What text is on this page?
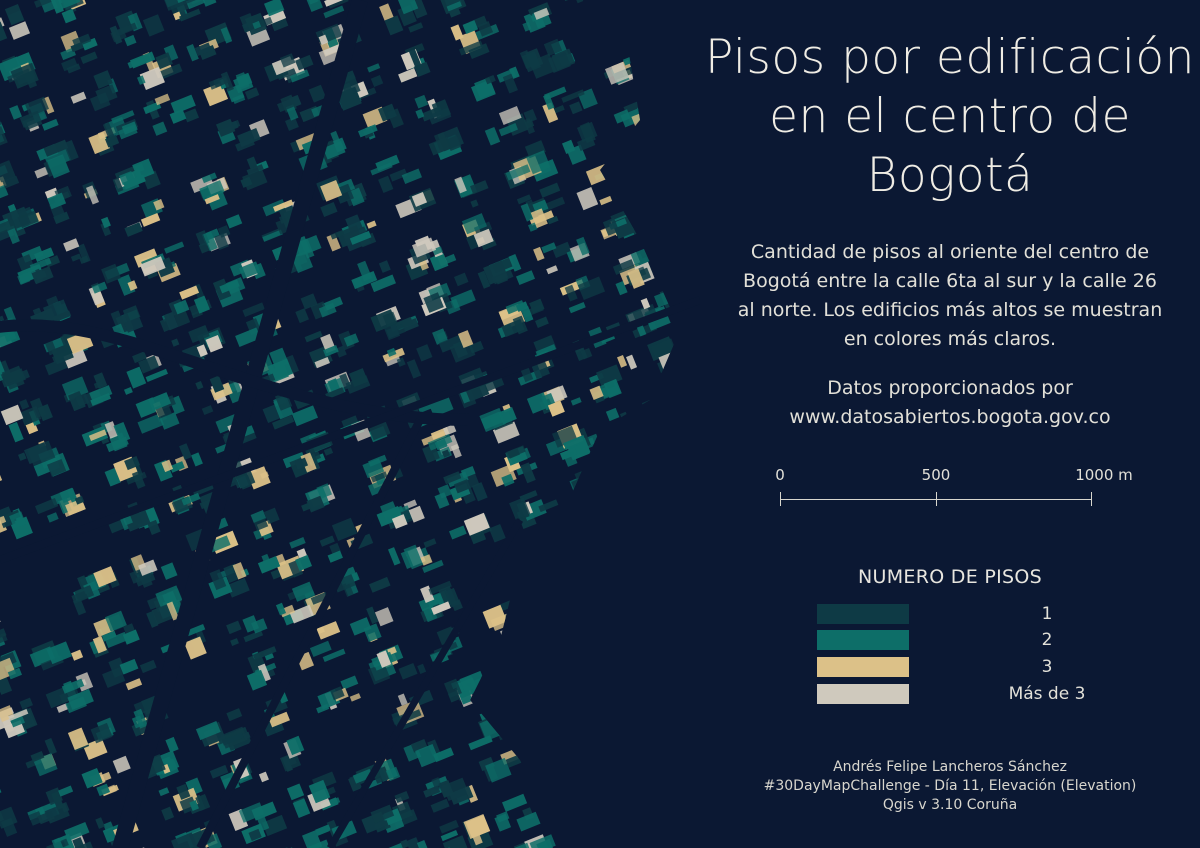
Pisos por edificación
en el centro de
Bogotá
Cantidad de pisos al oriente del centro de
Bogotá entre la calle 6ta al sur y la calle 26
al norte. Los edificios más altos se muestran
en colores más claros.
Datos proporcionados por
www.datosabiertos.bogota.gov.co
0	500	1000 m
NUMERO DE PISOS
1
2
3
Más de 3
Andrés Felipe Lancheros Sánchez
#30DayMapChallenge - Día 11, Elevación (Elevation)
Qgis v 3.10 Coruña
